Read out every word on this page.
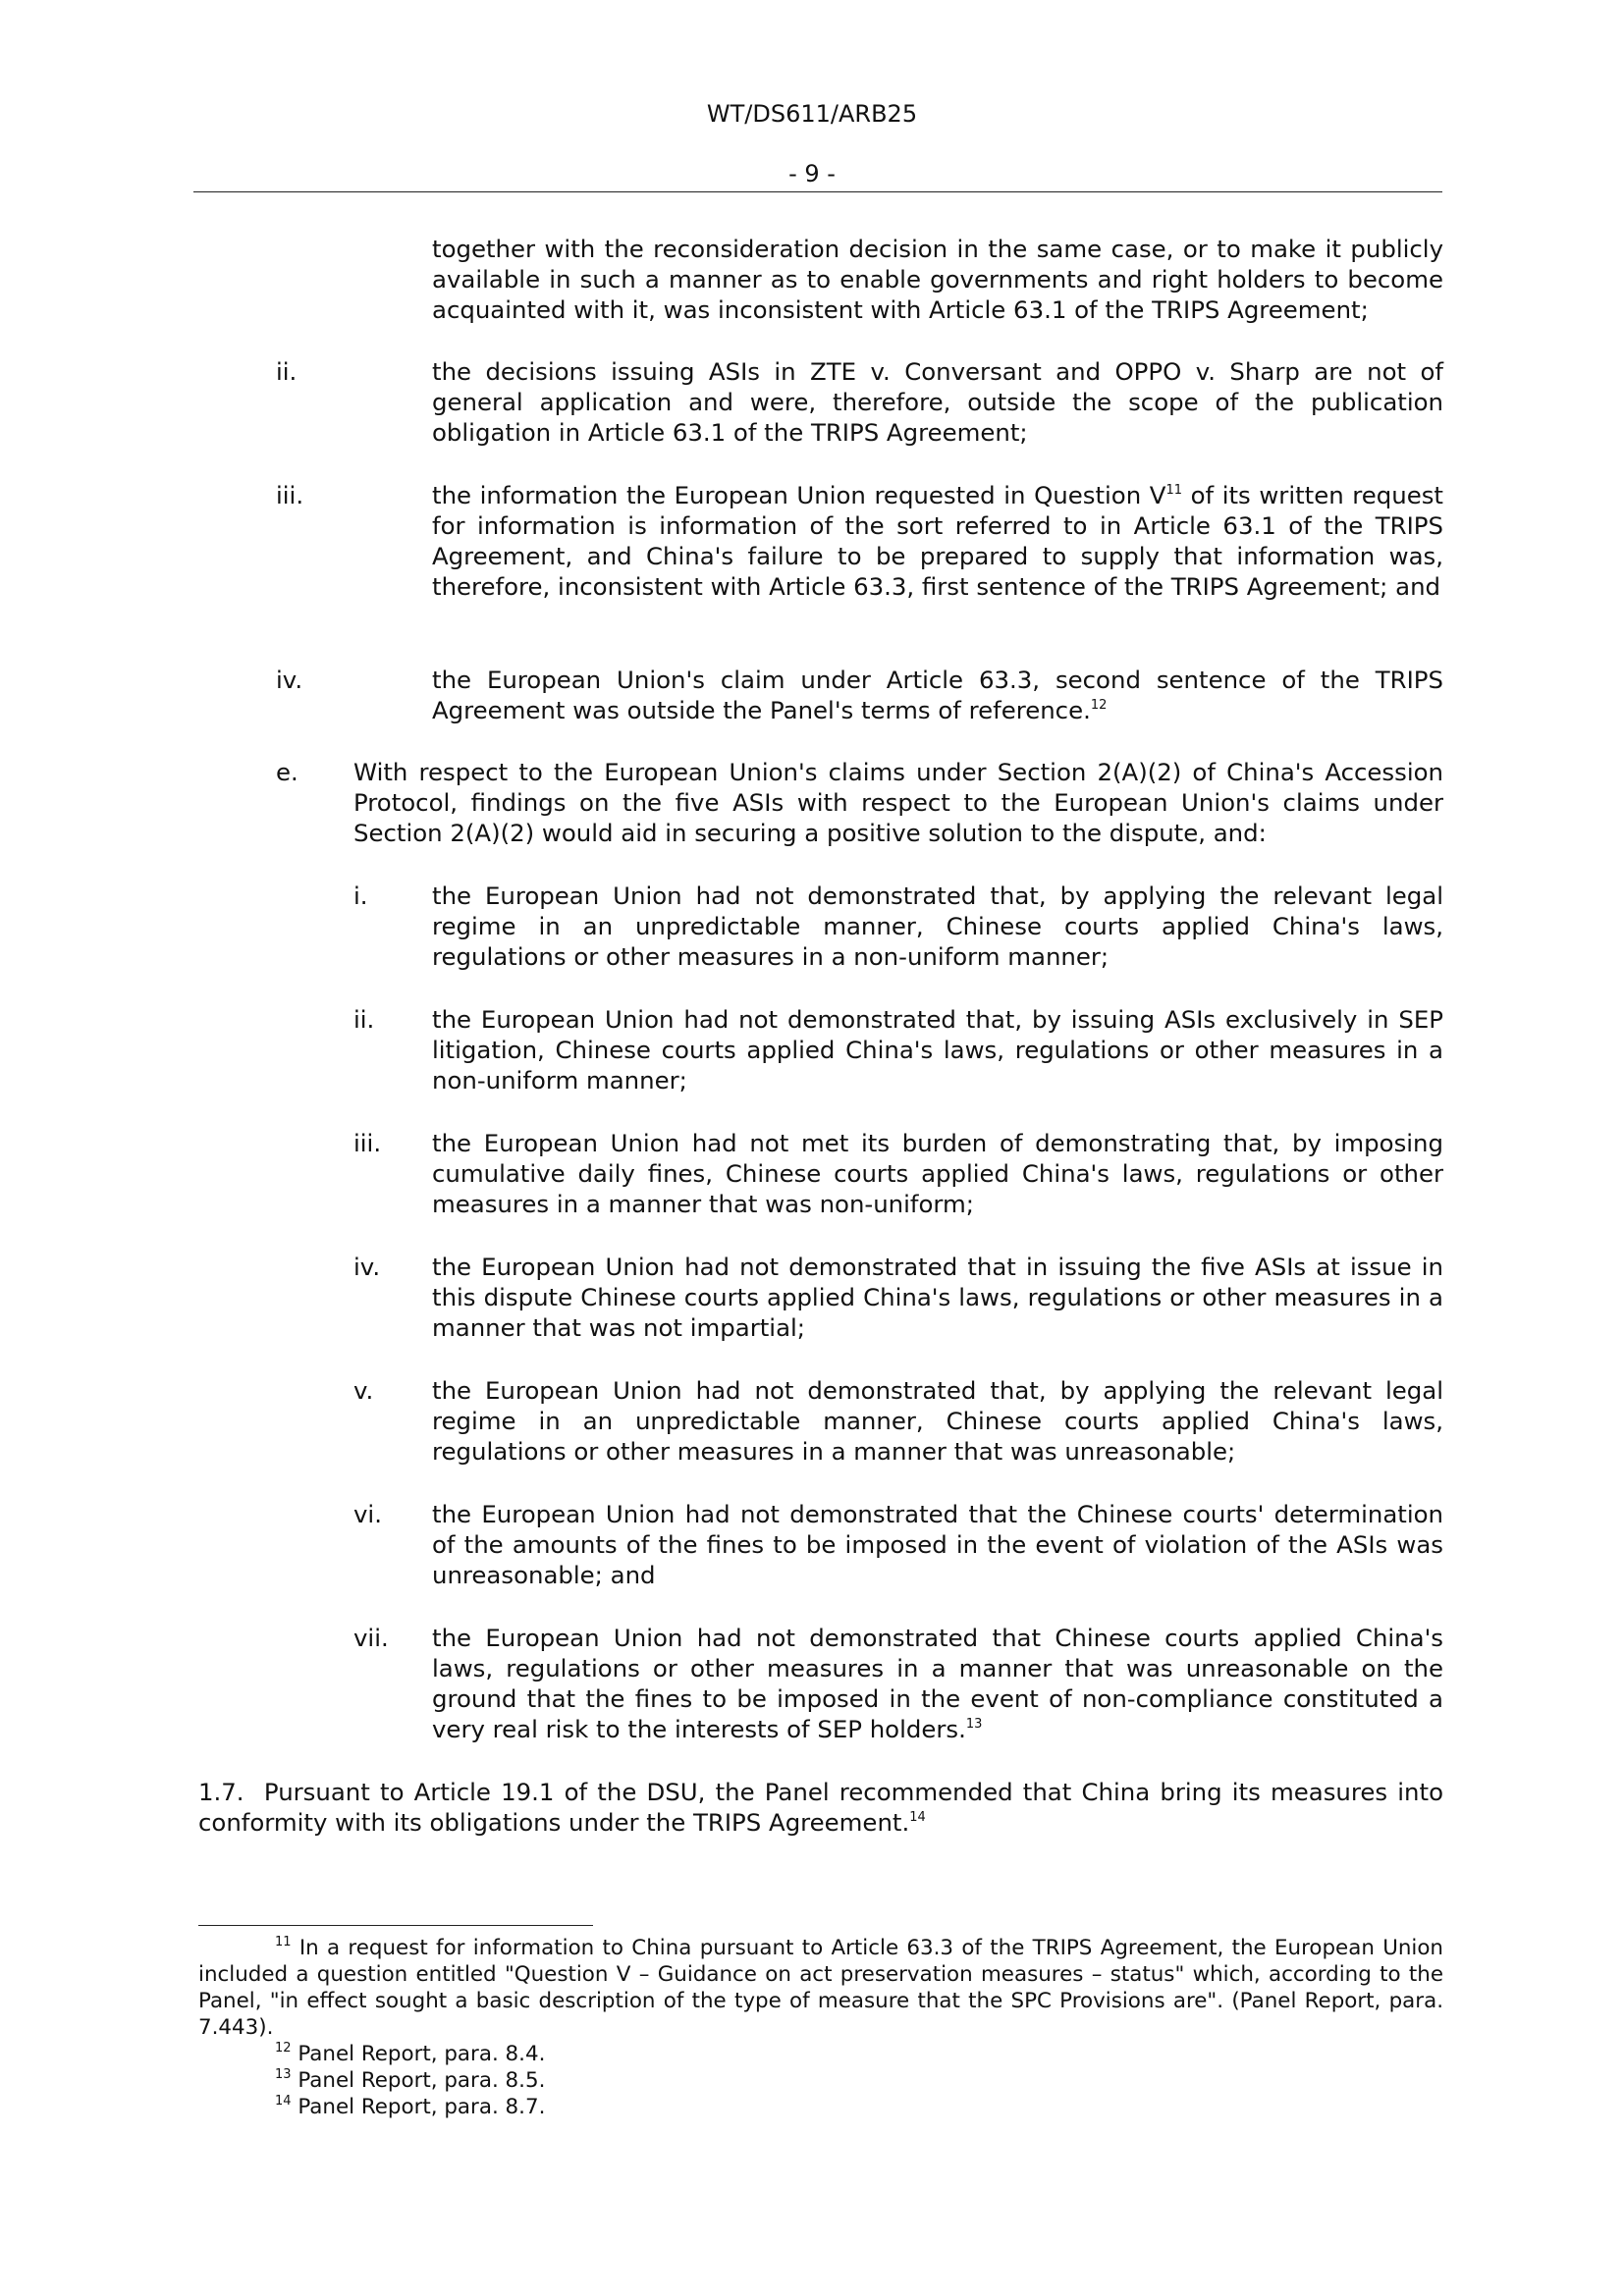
WT/DS611/ARB25
- 9 -
together with the reconsideration decision in the same case, or to make it publicly available in such a manner as to enable governments and right holders to become acquainted with it, was inconsistent with Article 63.1 of the TRIPS Agreement;
ii.	the decisions issuing ASIs in ZTE v. Conversant and OPPO v. Sharp are not of general application and were, therefore, outside the scope of the publication obligation in Article 63.1 of the TRIPS Agreement;
iii.	the information the European Union requested in Question $V^{11}$ of its written request for information is information of the sort referred to in Article 63.1 of the TRIPS Agreement, and China's failure to be prepared to supply that information was, therefore, inconsistent with Article 63.3, first sentence of the TRIPS Agreement; and
iv.	the European Union's claim under Article 63.3, second sentence of the TRIPS Agreement was outside the Panel's terms of reference.$^{12}$
e. With respect to the European Union's claims under Section 2(A)(2) of China's Accession Protocol, findings on the five ASIs with respect to the European Union's claims under Section 2(A)(2) would aid in securing a positive solution to the dispute, and:
i.	the European Union had not demonstrated that, by applying the relevant legal regime in an unpredictable manner, Chinese courts applied China's laws, regulations or other measures in a non-uniform manner;
ii. the European Union had not demonstrated that, by issuing ASIs exclusively in SEP litigation, Chinese courts applied China's laws, regulations or other measures in a non-uniform manner;
iii. the European Union had not met its burden of demonstrating that, by imposing cumulative daily fines, Chinese courts applied China's laws, regulations or other measures in a manner that was non-uniform;
iv. the European Union had not demonstrated that in issuing the five ASIs at issue in this dispute Chinese courts applied China's laws, regulations or other measures in a manner that was not impartial;
v. the European Union had not demonstrated that, by applying the relevant legal regime in an unpredictable manner, Chinese courts applied China's laws, regulations or other measures in a manner that was unreasonable;
vi. the European Union had not demonstrated that the Chinese courts' determination of the amounts of the fines to be imposed in the event of violation of the ASIs was unreasonable; and
vii. the European Union had not demonstrated that Chinese courts applied China's laws, regulations or other measures in a manner that was unreasonable on the ground that the fines to be imposed in the event of non-compliance constituted a very real risk to the interests of SEP holders.$^{13}$
1.7.  Pursuant to Article 19.1 of the DSU, the Panel recommended that China bring its measures into conformity with its obligations under the TRIPS Agreement.$^{14}$
$^{11}$ In a request for information to China pursuant to Article 63.3 of the TRIPS Agreement, the European Union included a question entitled "Question V – Guidance on act preservation measures – status" which, according to the Panel, "in effect sought a basic description of the type of measure that the SPC Provisions are". (Panel Report, para. 7.443).
$^{12}$ Panel Report, para. 8.4.
$^{13}$ Panel Report, para. 8.5.
$^{14}$ Panel Report, para. 8.7.
